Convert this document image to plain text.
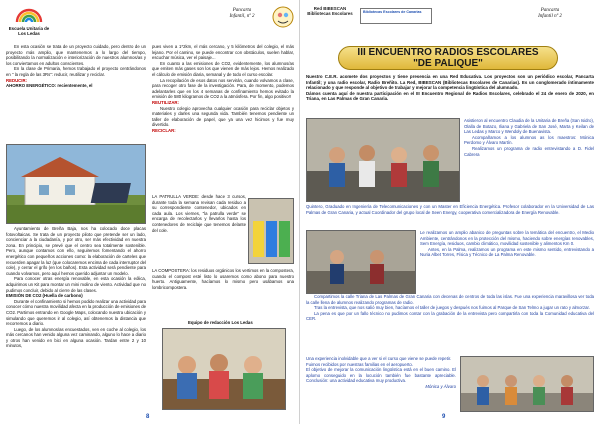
Escuela Unitaria de Los Ledas
Pancarta
Infantil, nº 2

En esta ocasión se trata de un proyecto cuidado, pero dentro de un proyecto más amplio, que mantenemos a lo largo del tiempo, posibilitando la normalización e interiorización de nuestros alumnos/as y los conviertamos en adultos conscientes.

En la clase de Primaria, hemos trabajado el proyecto centrándonos en " la regla de las 3Rs": reducir, reutilizar y reciclar.

REDUCIR:
AHORRO ENERGÉTICO: recientemente, el

Ayuntamiento de Breña Baja, nos ha colocado doce placas fotovoltaicas. Se trata de un proyecto piloto que pretende ser un lado, concienciar a la ciudadanía, y por otro, ser más efectividad en nuestra zona. En principio, se prevé que el centro sea totalmente sostenible. Pero, aunque contamos con ello, seguiremos fomentando el ahorro energético con pequeños acciones como: la elaboración de carteles que recuerden apagar la luz (que colocaremos encima de cada interruptor del cole), y cerrar el grifo (en los baños). Esta actividad será pendiente para cuando volvamos, pero aquí hemos querido adjuntar un modelo.

Para conocer otras energía renovable, en esta ocasión la eólica, adquirimos un Kit para montar un mini molino de viento. Actividad que no pudimos concluir, debido al cierre de las clases.

EMISIÓN DE CO2 (Huella de carbono)

Durante el confinamiento si hemos podido realizar una actividad para conocer cómo nuestra movilidad afecta en la producción de emisiones de CO2. Partimos entrando en Google Maps, colocando nuestra ubicación y simulando que queremos ir al colegio, así obtenemos la distancia que recorremos a diario.

Luego, de los alumnos/as encuestados, ven en coche al colegio, los más cercanos han venido alguna vez caminando, alguno lo hace a diario y otros han venido en bici en alguna ocasión. Tardan entre 2 y 10 minutos,

pues viven a 1*2km, el más cercano, y 5 kilómetros del colegio, el más lejano. Por el camino, se puede encontrar con obstáculos, suelen hablar, escuchar música, ver el paisaje...

En cuanto a las emisiones de CO2, evidentemente, los alumnos/as que emiten más gases son los que vienen de más lejos. Hemos realizado el cálculo de emisión diaria, semanal y de todo el curso escolar.

La recopilación de esos datos nos servirán, cuando volvamos a clase, para recoger otro fase de la investigación. Para, de momento, podemos adelantarles que en los 4 semanas de confinamiento hemos evitado la emisión de 580 kilogramos de CO2 a la atmósfera. Por fin, algo positivo!!

REUTILIZAR:

Nuestro colegio aprovecha cualquier ocasión para reciclar objetos y materiales y darles una segunda vida. También tenemos pendiente un taller de elaboración de papel, que ya una vez hicimos y fue muy divertido.

RECICLAR:

LA PATRULLA VERDE: desde hace 3 cursos, durante toda la semana revisan cada residuo a su correspondiente contenedor, ubicados en cada aula. Los viernes, "la patrulla verde" se encarga de recolectarlos y llevarlos hasta los contenedores de reciclaje que tenemos delante del cole.

LA COMPOSTERA: los residuos orgánicos los vertimos en la compostera, cuando el compost esté listo lo usaremos como abono para nuestro huerto. Antiguamente, hacíamos lo mismo pero usábamos una lombricompostera.

Equipo de redacción Los Ledas
8
Red BIBESCAN Bibliotecas Escolares	Bibliotecas Escolares de Canarias	Pancarta
Infantil nº 2
III ENCUENTRO RADIOS ESCOLARES
"DE PALIQUE"

Nuestro C.E.R. acomete dos proyectos y tiene presencia en una Red Educativa. Los proyectos son un periódico escolar, Pancarta Infantil; y una radio escolar, Radio Breñito. La Red, BIBESCAN (Bibliotecas Escolares de Canarias). Es un conglomerado íntimamente relacionado y que responde al objetivo de trabajar y mejorar la competencia lingüística del alumnado.

Dámos cuenta aquí de nuestra participación en el III Encuentro Regional de Radios Escolares, celebrado el 24 de enero de 2020, en Triana, en Las Palmas de Gran Canaria.

Asistieron al encuentro Claudia de la Unitaria de Breña (San Isidro), Olalla de Botazo, Iliana y Gabriela de San José, Marta y Keilan de Las Ledas y Marco y Wendoly de Buenavista.

Acompañamos a los alumnos as los maestros: Mónica Perdomo y Álvaro Martín.

Realizamos un programa de radio entrevistando a D. Fidel Cabrera

Quintero, Graduado en Ingeniería de Telecomunicaciones y con un Master en Eficiencia Energética. Profesor colaborador en la Universidad de Las Palmas de Gran Canaria, y actual Coordinador del grupo local de Seen Energy, cooperativa comercializadora de Energía Renovable.

Le realizamos un amplio abanico de preguntas sobre la temática del encuentro, el Medio Ambiente, centrándonos en la protección del mismo, haciendo sobre energías renovables, Sem Energía, residuos, cambio climático, movilidad sostenible y alimentos Km 0.

Antes, en la Palma, realizamos un programa en este mismo sentido, entrevistando a Nuria Albet Torres, Física y Técnico de La Palma Renovable.

Compartimos la calle Triana de Las Palmas de Gran Canaria con decenas de centros de toda las islas. Fue una experiencia maravillosa ver toda la calle llena de alumnos realizando programas de radio.

Tras la entrevista, que nos salió muy bien, hacíamos el taller de juegos y después nos fuimos al Parque de San Telmo a jugar un rato y almorzar.

La pena es que por un fallo técnico no pudimos contar con la grabación de la entrevista pero compartirla con toda la Comunidad educativa del CER.

Una experiencia inolvidable que a ver si el curso que viene se puede repetir.

Fuimos recibidos por nuestras familias en el aeropuerto.

El objetivo de mejorar la comunicación lingüística está en el buen camino. El aplomo conseguido en la locución también fue bastante apreciable. Conclusión: una actividad educativa muy productiva.

Mónica y Álvaro
9
